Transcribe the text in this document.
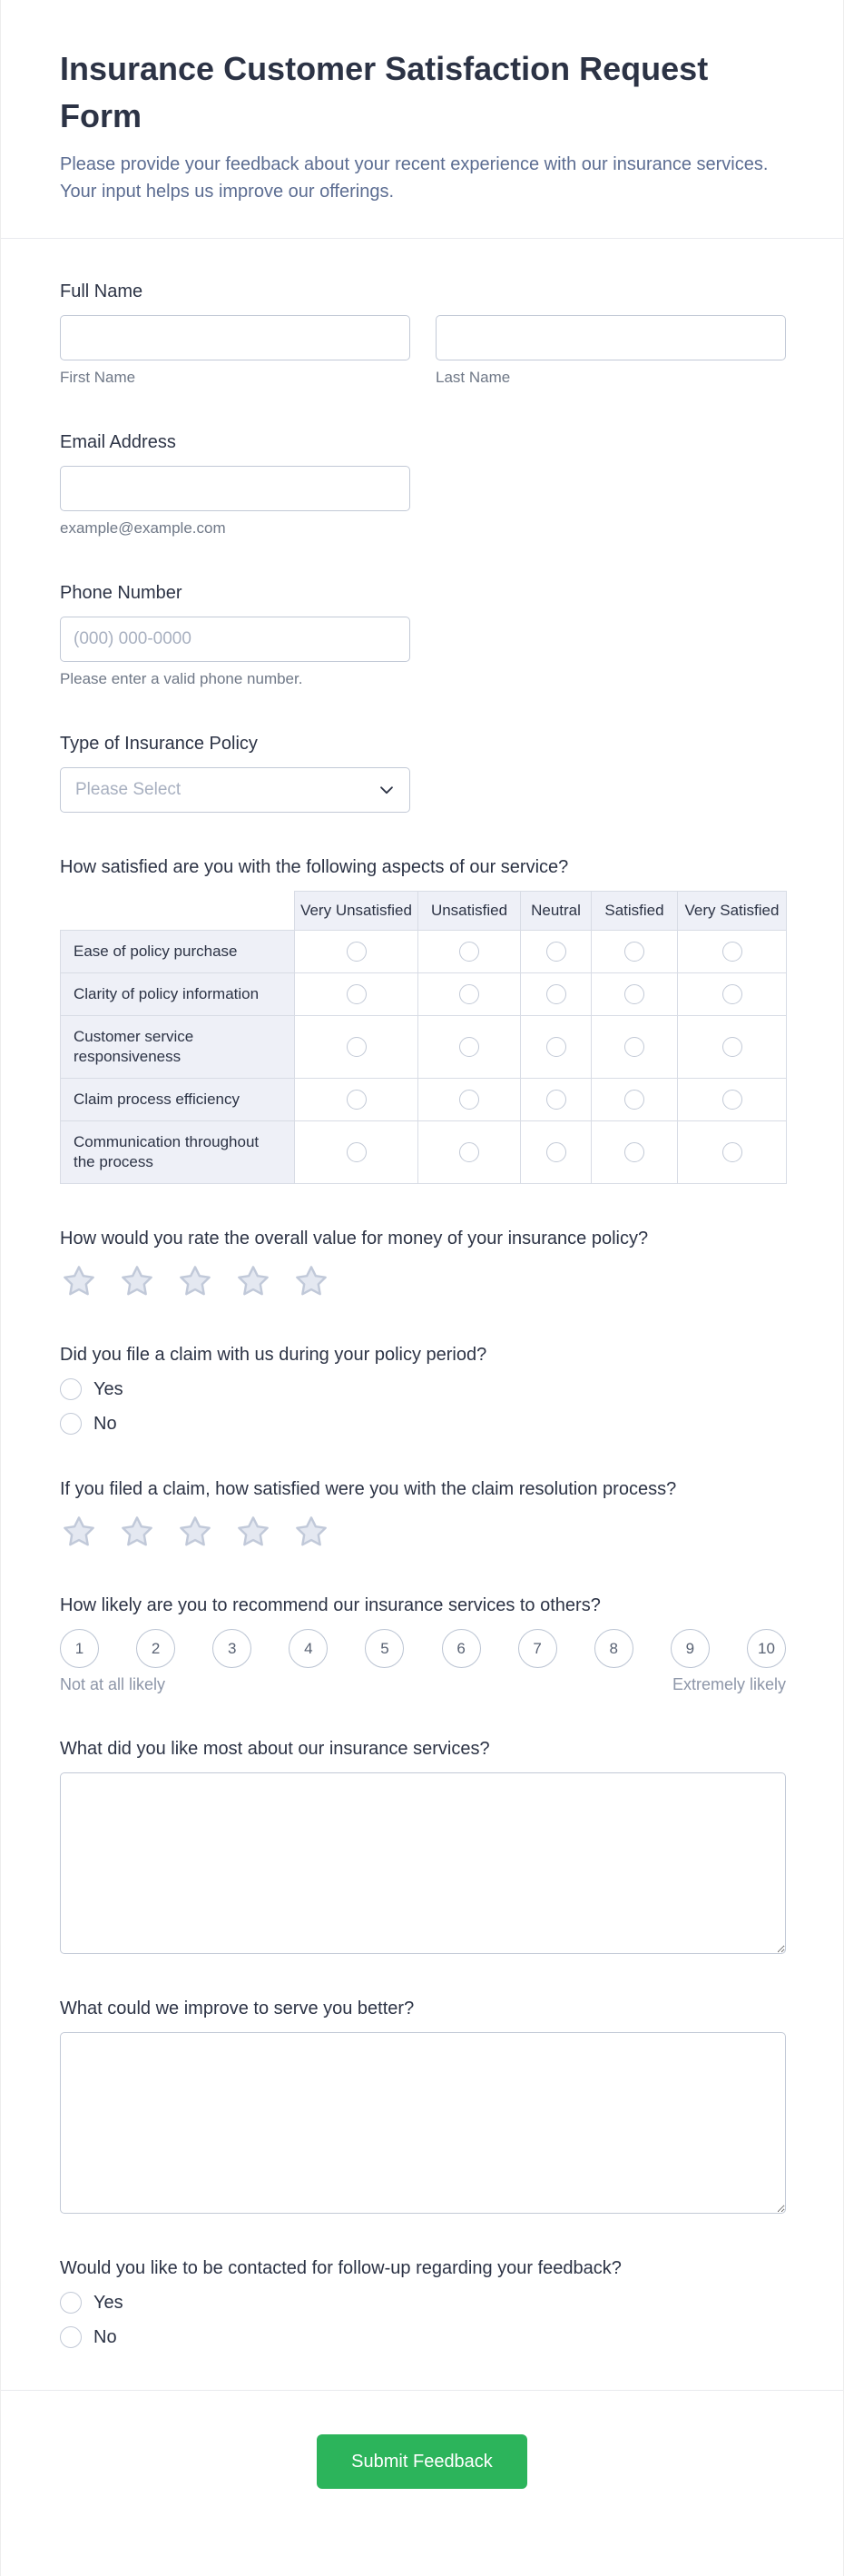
Insurance Customer Satisfaction Request Form

Please provide your feedback about your recent experience with our insurance services. Your input helps us improve our offerings.

Full Name
First Name	Last Name
Email Address
example@example.com
Phone Number
(000) 000-0000
Please enter a valid phone number.
Type of Insurance Policy
Please Select
How satisfied are you with the following aspects of our service?
	Very Unsatisfied	Unsatisfied	Neutral	Satisfied	Very Satisfied
Ease of policy purchase					
Clarity of policy information					
Customer service responsiveness					
Claim process efficiency					
Communication throughout the process					
How would you rate the overall value for money of your insurance policy?
Did you file a claim with us during your policy period?
Yes
No
If you filed a claim, how satisfied were you with the claim resolution process?
How likely are you to recommend our insurance services to others?
1	2	3	4	5	6	7	8	9	10
Not at all likely	Extremely likely
What did you like most about our insurance services?
What could we improve to serve you better?
Would you like to be contacted for follow-up regarding your feedback?
Yes
No
Submit Feedback
